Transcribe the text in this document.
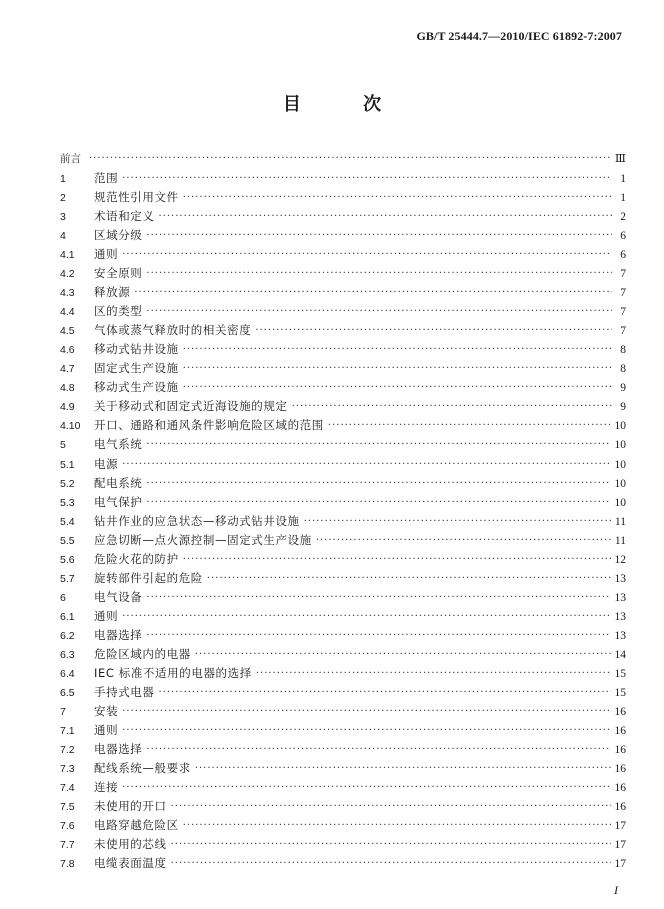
GB/T 25444.7—2010/IEC 61892-7:2007
目 次
前言 ·····	Ⅲ
1	范围 ·····	1
2	规范性引用文件 ·····	1
3	术语和定义 ·····	2
4	区域分级 ·····	6
4.1	通则 ·····	6
4.2	安全原则 ·····	7
4.3	释放源 ·····	7
4.4	区的类型 ·····	7
4.5	气体或蒸气释放时的相关密度 ·····	7
4.6	移动式钻井设施 ·····	8
4.7	固定式生产设施 ·····	8
4.8	移动式生产设施 ·····	9
4.9	关于移动式和固定式近海设施的规定 ·····	9
4.10	开口、通路和通风条件影响危险区域的范围 ·····	10
5	电气系统 ·····	10
5.1	电源 ·····	10
5.2	配电系统 ·····	10
5.3	电气保护 ·····	10
5.4	钻井作业的应急状态—移动式钻井设施 ·····	11
5.5	应急切断—点火源控制—固定式生产设施 ·····	11
5.6	危险火花的防护 ·····	12
5.7	旋转部件引起的危险 ·····	13
6	电气设备 ·····	13
6.1	通则 ·····	13
6.2	电器选择 ·····	13
6.3	危险区域内的电器 ·····	14
6.4	IEC 标准不适用的电器的选择 ·····	15
6.5	手持式电器 ·····	15
7	安装 ·····	16
7.1	通则 ·····	16
7.2	电器选择 ·····	16
7.3	配线系统—般要求 ·····	16
7.4	连接 ·····	16
7.5	未使用的开口 ·····	16
7.6	电路穿越危险区 ·····	17
7.7	未使用的芯线 ·····	17
7.8	电缆表面温度 ·····	17
I
